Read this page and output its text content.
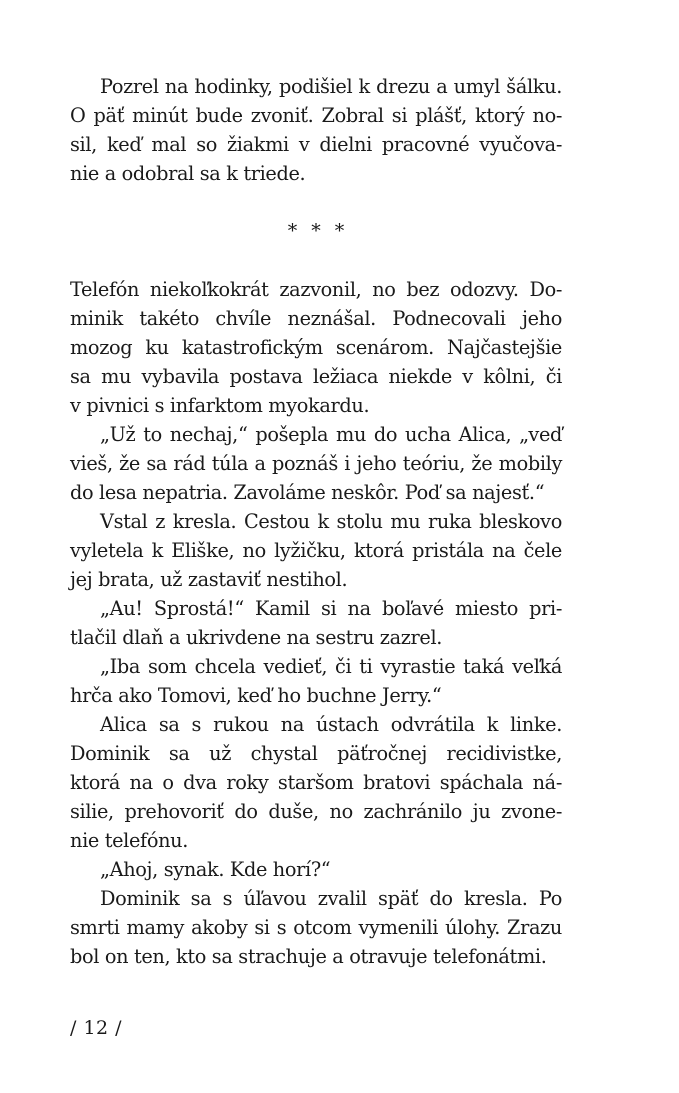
Pozrel na hodinky, podišiel k drezu a umyl šálku.
O päť minút bude zvoniť. Zobral si plášť, ktorý no-
sil, keď mal so žiakmi v dielni pracovné vyučova-
nie a odobral sa k triede.
* * *
Telefón niekoľkokrát zazvonil, no bez odozvy. Do-
minik takéto chvíle neznášal. Podnecovali jeho
mozog ku katastrofickým scenárom. Najčastejšie
sa mu vybavila postava ležiaca niekde v kôlni, či
v pivnici s infarktom myokardu.
„Už to nechaj,“ pošepla mu do ucha Alica, „veď
vieš, že sa rád túla a poznáš i jeho teóriu, že mobily
do lesa nepatria. Zavoláme neskôr. Poď sa najesť.“
Vstal z kresla. Cestou k stolu mu ruka bleskovo
vyletela k Eliške, no lyžičku, ktorá pristála na čele
jej brata, už zastaviť nestihol.
„Au! Sprostá!“ Kamil si na boľavé miesto pri-
tlačil dlaň a ukrivdene na sestru zazrel.
„Iba som chcela vedieť, či ti vyrastie taká veľká
hrča ako Tomovi, keď ho buchne Jerry.“
Alica sa s rukou na ústach odvrátila k linke.
Dominik sa už chystal päťročnej recidivistke,
ktorá na o dva roky staršom bratovi spáchala ná-
silie, prehovoriť do duše, no zachránilo ju zvone-
nie telefónu.
„Ahoj, synak. Kde horí?“
Dominik sa s úľavou zvalil späť do kresla. Po
smrti mamy akoby si s otcom vymenili úlohy. Zrazu
bol on ten, kto sa strachuje a otravuje telefonátmi.
/ 12 /
